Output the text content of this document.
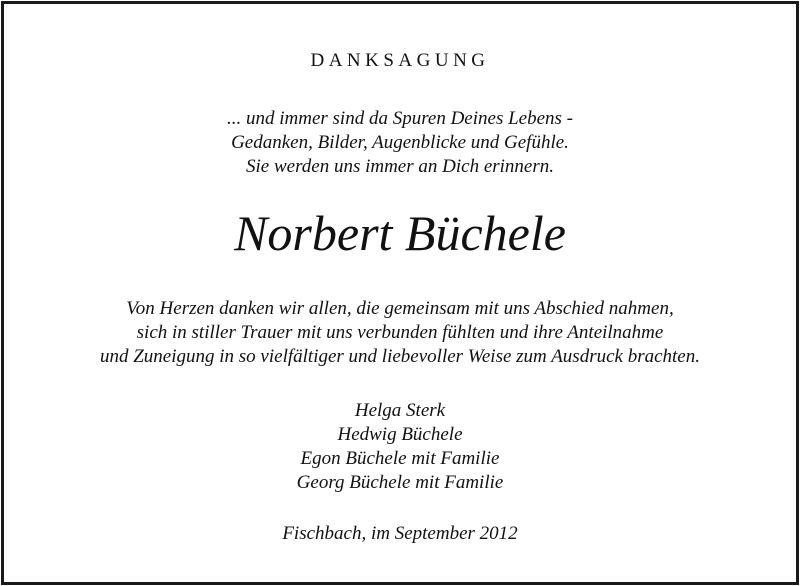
DANKSAGUNG
... und immer sind da Spuren Deines Lebens -
Gedanken, Bilder, Augenblicke und Gefühle.
Sie werden uns immer an Dich erinnern.
Norbert Büchele
Von Herzen danken wir allen, die gemeinsam mit uns Abschied nahmen,
sich in stiller Trauer mit uns verbunden fühlten und ihre Anteilnahme
und Zuneigung in so vielfältiger und liebevoller Weise zum Ausdruck brachten.
Helga Sterk
Hedwig Büchele
Egon Büchele mit Familie
Georg Büchele mit Familie
Fischbach, im September 2012
